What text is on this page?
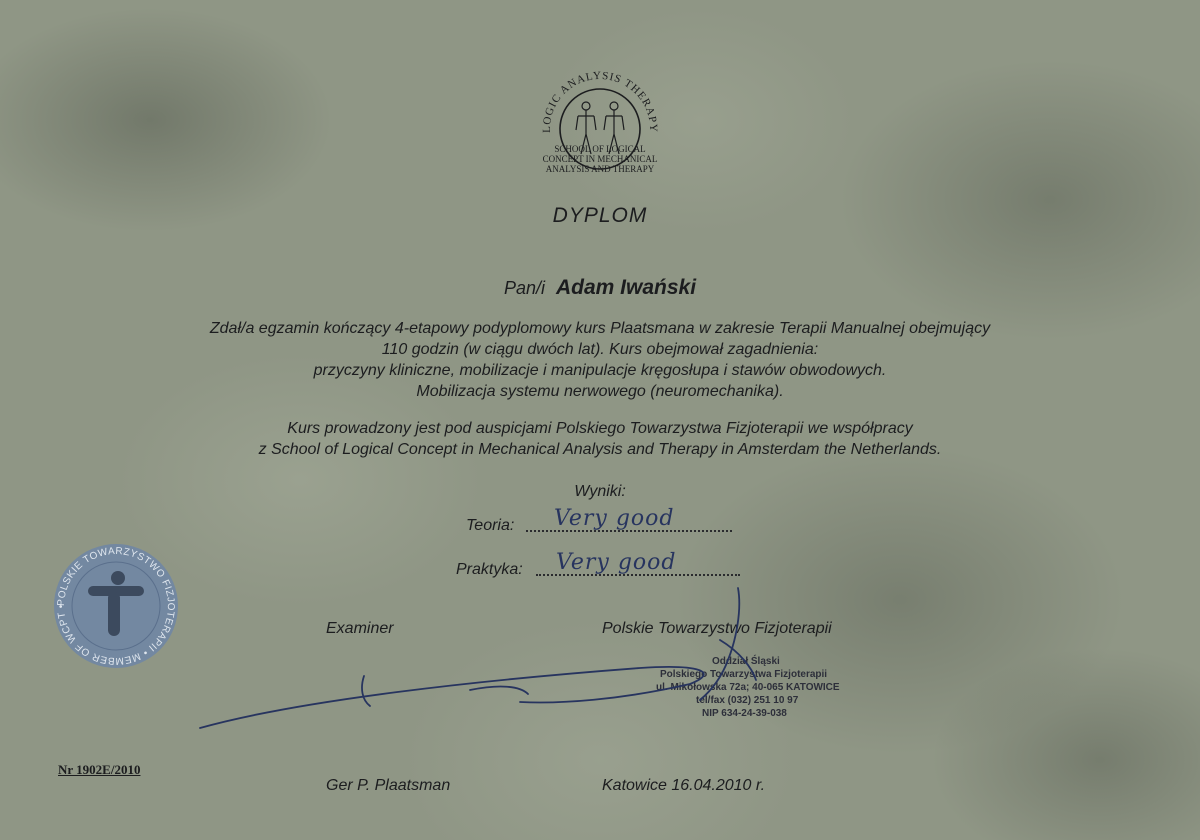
LOGIC ANALYSIS THERAPY
SCHOOL OF LOGICAL
CONCEPT IN MECHANICAL
ANALYSIS AND THERAPY
DYPLOM
Pan/i Adam Iwański
Zdał/a egzamin kończący 4-etapowy podyplomowy kurs Plaatsmana w zakresie Terapii Manualnej obejmujący
110 godzin (w ciągu dwóch lat). Kurs obejmował zagadnienia:
przyczyny kliniczne, mobilizacje i manipulacje kręgosłupa i stawów obwodowych.
Mobilizacja systemu nerwowego (neuromechanika).
Kurs prowadzony jest pod auspicjami Polskiego Towarzystwa Fizjoterapii we współpracy
z School of Logical Concept in Mechanical Analysis and Therapy in Amsterdam the Netherlands.
Wyniki:
Teoria: Very good
Praktyka: Very good
Examiner	Polskie Towarzystwo Fizjoterapii
POLSKIE TOWARZYSTWO FIZJOTERAPII • MEMBER OF WCPT •
Oddział Śląski
Polskiego Towarzystwa Fizjoterapii
ul. Mikołowska 72a; 40-065 KATOWICE
tel/fax (032) 251 10 97
NIP 634-24-39-038
Nr 1902E/2010
Ger P. Plaatsman	Katowice 16.04.2010 r.
